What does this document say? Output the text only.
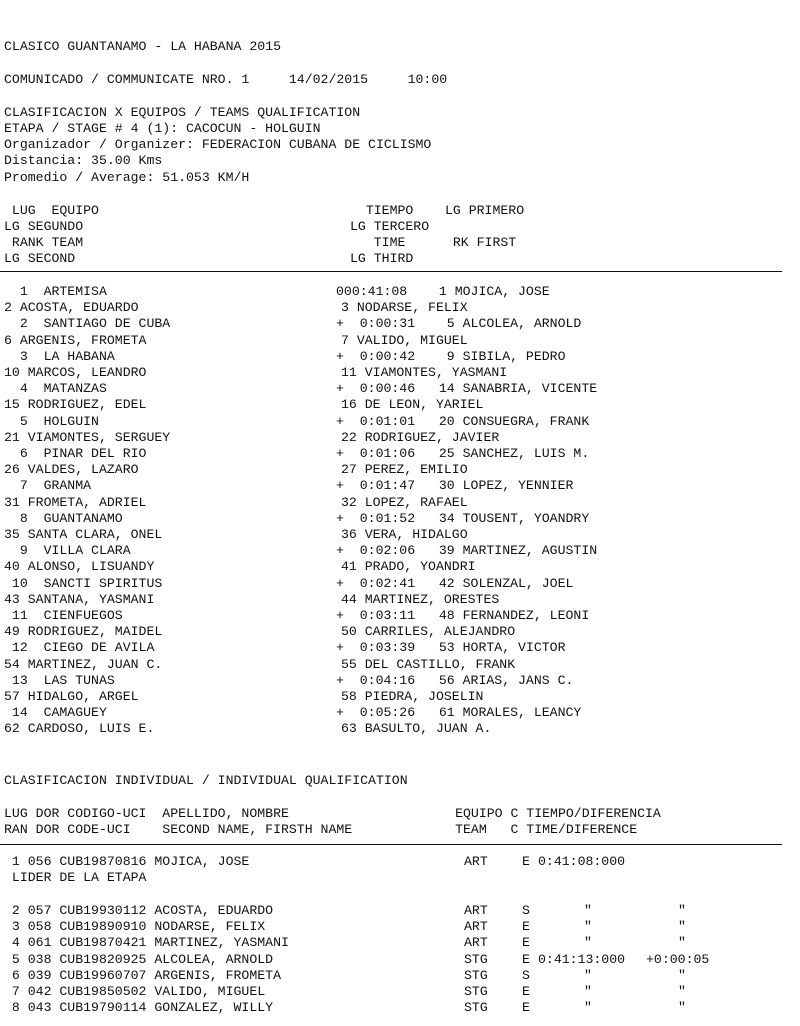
CLASICO GUANTANAMO - LA HABANA 2015
COMUNICADO / COMMUNICATE NRO. 1     14/02/2015     10:00
CLASIFICACION X EQUIPOS / TEAMS QUALIFICATION
ETAPA / STAGE # 4 (1): CACOCUN - HOLGUIN
Organizador / Organizer: FEDERACION CUBANA DE CICLISMO
Distancia: 35.00 Kms
Promedio / Average: 51.053 KM/H
LUG  EQUIPO	TIEMPO    LG PRIMERO
LG SEGUNDO	LG TERCERO
RANK TEAM	TIME      RK FIRST
LG SECOND	LG THIRD
1  ARTEMISA	000:41:08    1 MOJICA, JOSE
2 ACOSTA, EDUARDO	3 NODARSE, FELIX
2  SANTIAGO DE CUBA	+  0:00:31    5 ALCOLEA, ARNOLD
6 ARGENIS, FROMETA	7 VALIDO, MIGUEL
3  LA HABANA	+  0:00:42    9 SIBILA, PEDRO
10 MARCOS, LEANDRO	11 VIAMONTES, YASMANI
4  MATANZAS	+  0:00:46   14 SANABRIA, VICENTE
15 RODRIGUEZ, EDEL	16 DE LEON, YARIEL
5  HOLGUIN	+  0:01:01   20 CONSUEGRA, FRANK
21 VIAMONTES, SERGUEY	22 RODRIGUEZ, JAVIER
6  PINAR DEL RIO	+  0:01:06   25 SANCHEZ, LUIS M.
26 VALDES, LAZARO	27 PEREZ, EMILIO
7  GRANMA	+  0:01:47   30 LOPEZ, YENNIER
31 FROMETA, ADRIEL	32 LOPEZ, RAFAEL
8  GUANTANAMO	+  0:01:52   34 TOUSENT, YOANDRY
35 SANTA CLARA, ONEL	36 VERA, HIDALGO
9  VILLA CLARA	+  0:02:06   39 MARTINEZ, AGUSTIN
40 ALONSO, LISUANDY	41 PRADO, YOANDRI
10  SANCTI SPIRITUS	+  0:02:41   42 SOLENZAL, JOEL
43 SANTANA, YASMANI	44 MARTINEZ, ORESTES
11  CIENFUEGOS	+  0:03:11   48 FERNANDEZ, LEONI
49 RODRIGUEZ, MAIDEL	50 CARRILES, ALEJANDRO
12  CIEGO DE AVILA	+  0:03:39   53 HORTA, VICTOR
54 MARTINEZ, JUAN C.	55 DEL CASTILLO, FRANK
13  LAS TUNAS	+  0:04:16   56 ARIAS, JANS C.
57 HIDALGO, ARGEL	58 PIEDRA, JOSELIN
14  CAMAGUEY	+  0:05:26   61 MORALES, LEANCY
62 CARDOSO, LUIS E.	63 BASULTO, JUAN A.
CLASIFICACION INDIVIDUAL / INDIVIDUAL QUALIFICATION
LUG DOR CODIGO-UCI  APELLIDO, NOMBRE                     EQUIPO C TIEMPO/DIFERENCIA
RAN DOR CODE-UCI    SECOND NAME, FIRSTH NAME             TEAM   C TIME/DIFERENCE
1 056 CUB19870816 MOJICA, JOSE	ART	E 0:41:08:000
LIDER DE LA ETAPA
2 057 CUB19930112 ACOSTA, EDUARDO	ART	S	"	"
3 058 CUB19890910 NODARSE, FELIX	ART	E	"	"
4 061 CUB19870421 MARTINEZ, YASMANI	ART	E	"	"
5 038 CUB19820925 ALCOLEA, ARNOLD	STG	E 0:41:13:000 +0:00:05
6 039 CUB19960707 ARGENIS, FROMETA	STG	S	"	"
7 042 CUB19850502 VALIDO, MIGUEL	STG	E	"	"
8 043 CUB19790114 GONZALEZ, WILLY	STG	E	"	"
